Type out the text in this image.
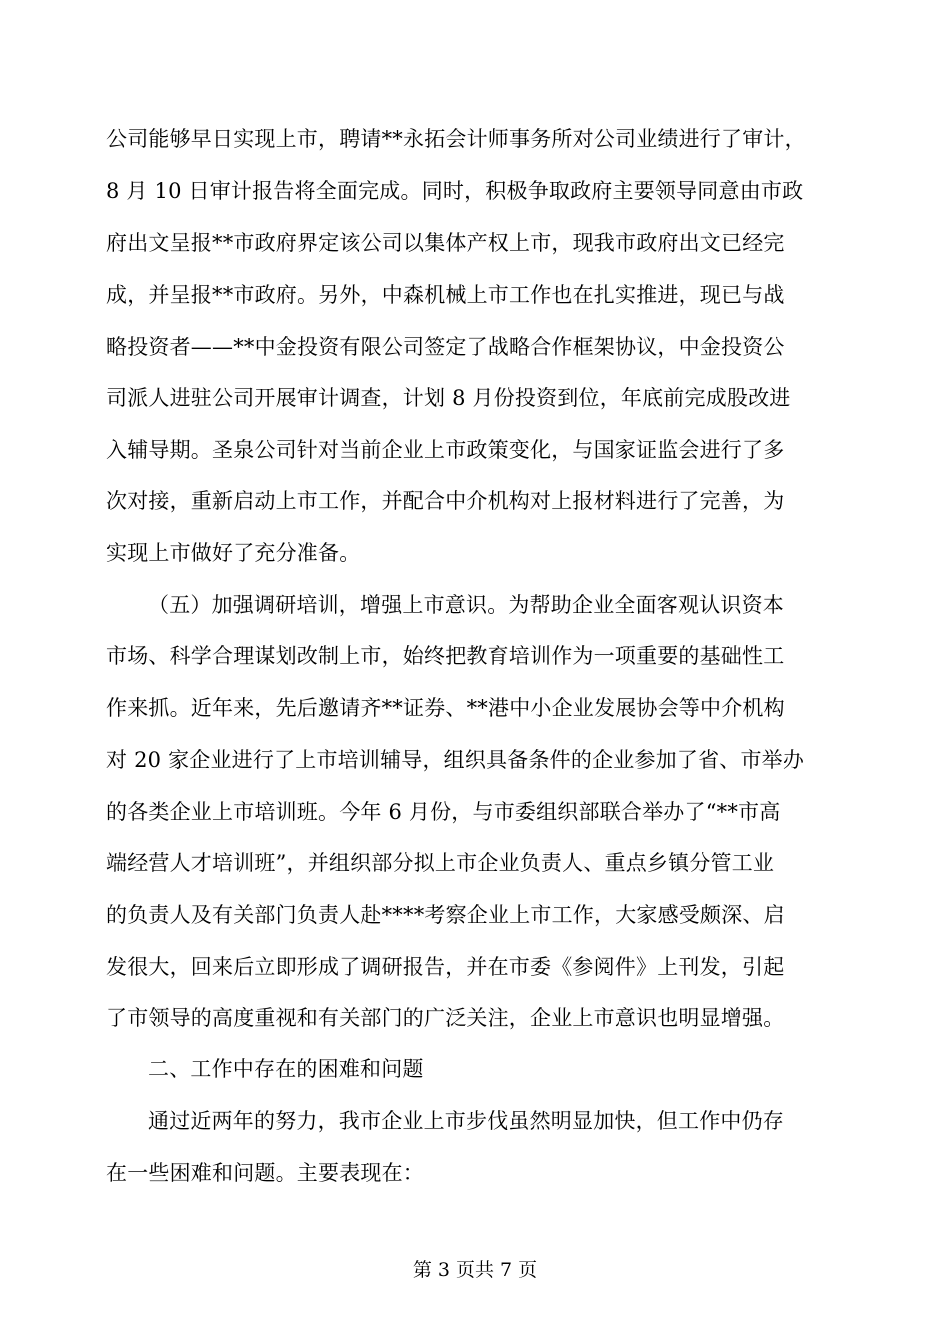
公司能够早日实现上市，聘请**永拓会计师事务所对公司业绩进行了审计，
8 月 10 日审计报告将全面完成。同时，积极争取政府主要领导同意由市政
府出文呈报**市政府界定该公司以集体产权上市，现我市政府出文已经完
成，并呈报**市政府。另外，中森机械上市工作也在扎实推进，现已与战
略投资者——**中金投资有限公司签定了战略合作框架协议，中金投资公
司派人进驻公司开展审计调查，计划 8 月份投资到位，年底前完成股改进
入辅导期。圣泉公司针对当前企业上市政策变化，与国家证监会进行了多
次对接，重新启动上市工作，并配合中介机构对上报材料进行了完善，为
实现上市做好了充分准备。
（五）加强调研培训，增强上市意识。为帮助企业全面客观认识资本
市场、科学合理谋划改制上市，始终把教育培训作为一项重要的基础性工
作来抓。近年来，先后邀请齐**证券、**港中小企业发展协会等中介机构
对 20 家企业进行了上市培训辅导，组织具备条件的企业参加了省、市举办
的各类企业上市培训班。今年 6 月份，与市委组织部联合举办了“**市高
端经营人才培训班”，并组织部分拟上市企业负责人、重点乡镇分管工业
的负责人及有关部门负责人赴****考察企业上市工作，大家感受颇深、启
发很大，回来后立即形成了调研报告，并在市委《参阅件》上刊发，引起
了市领导的高度重视和有关部门的广泛关注，企业上市意识也明显增强。
二、工作中存在的困难和问题
通过近两年的努力，我市企业上市步伐虽然明显加快，但工作中仍存
在一些困难和问题。主要表现在：
第 3 页共 7 页
